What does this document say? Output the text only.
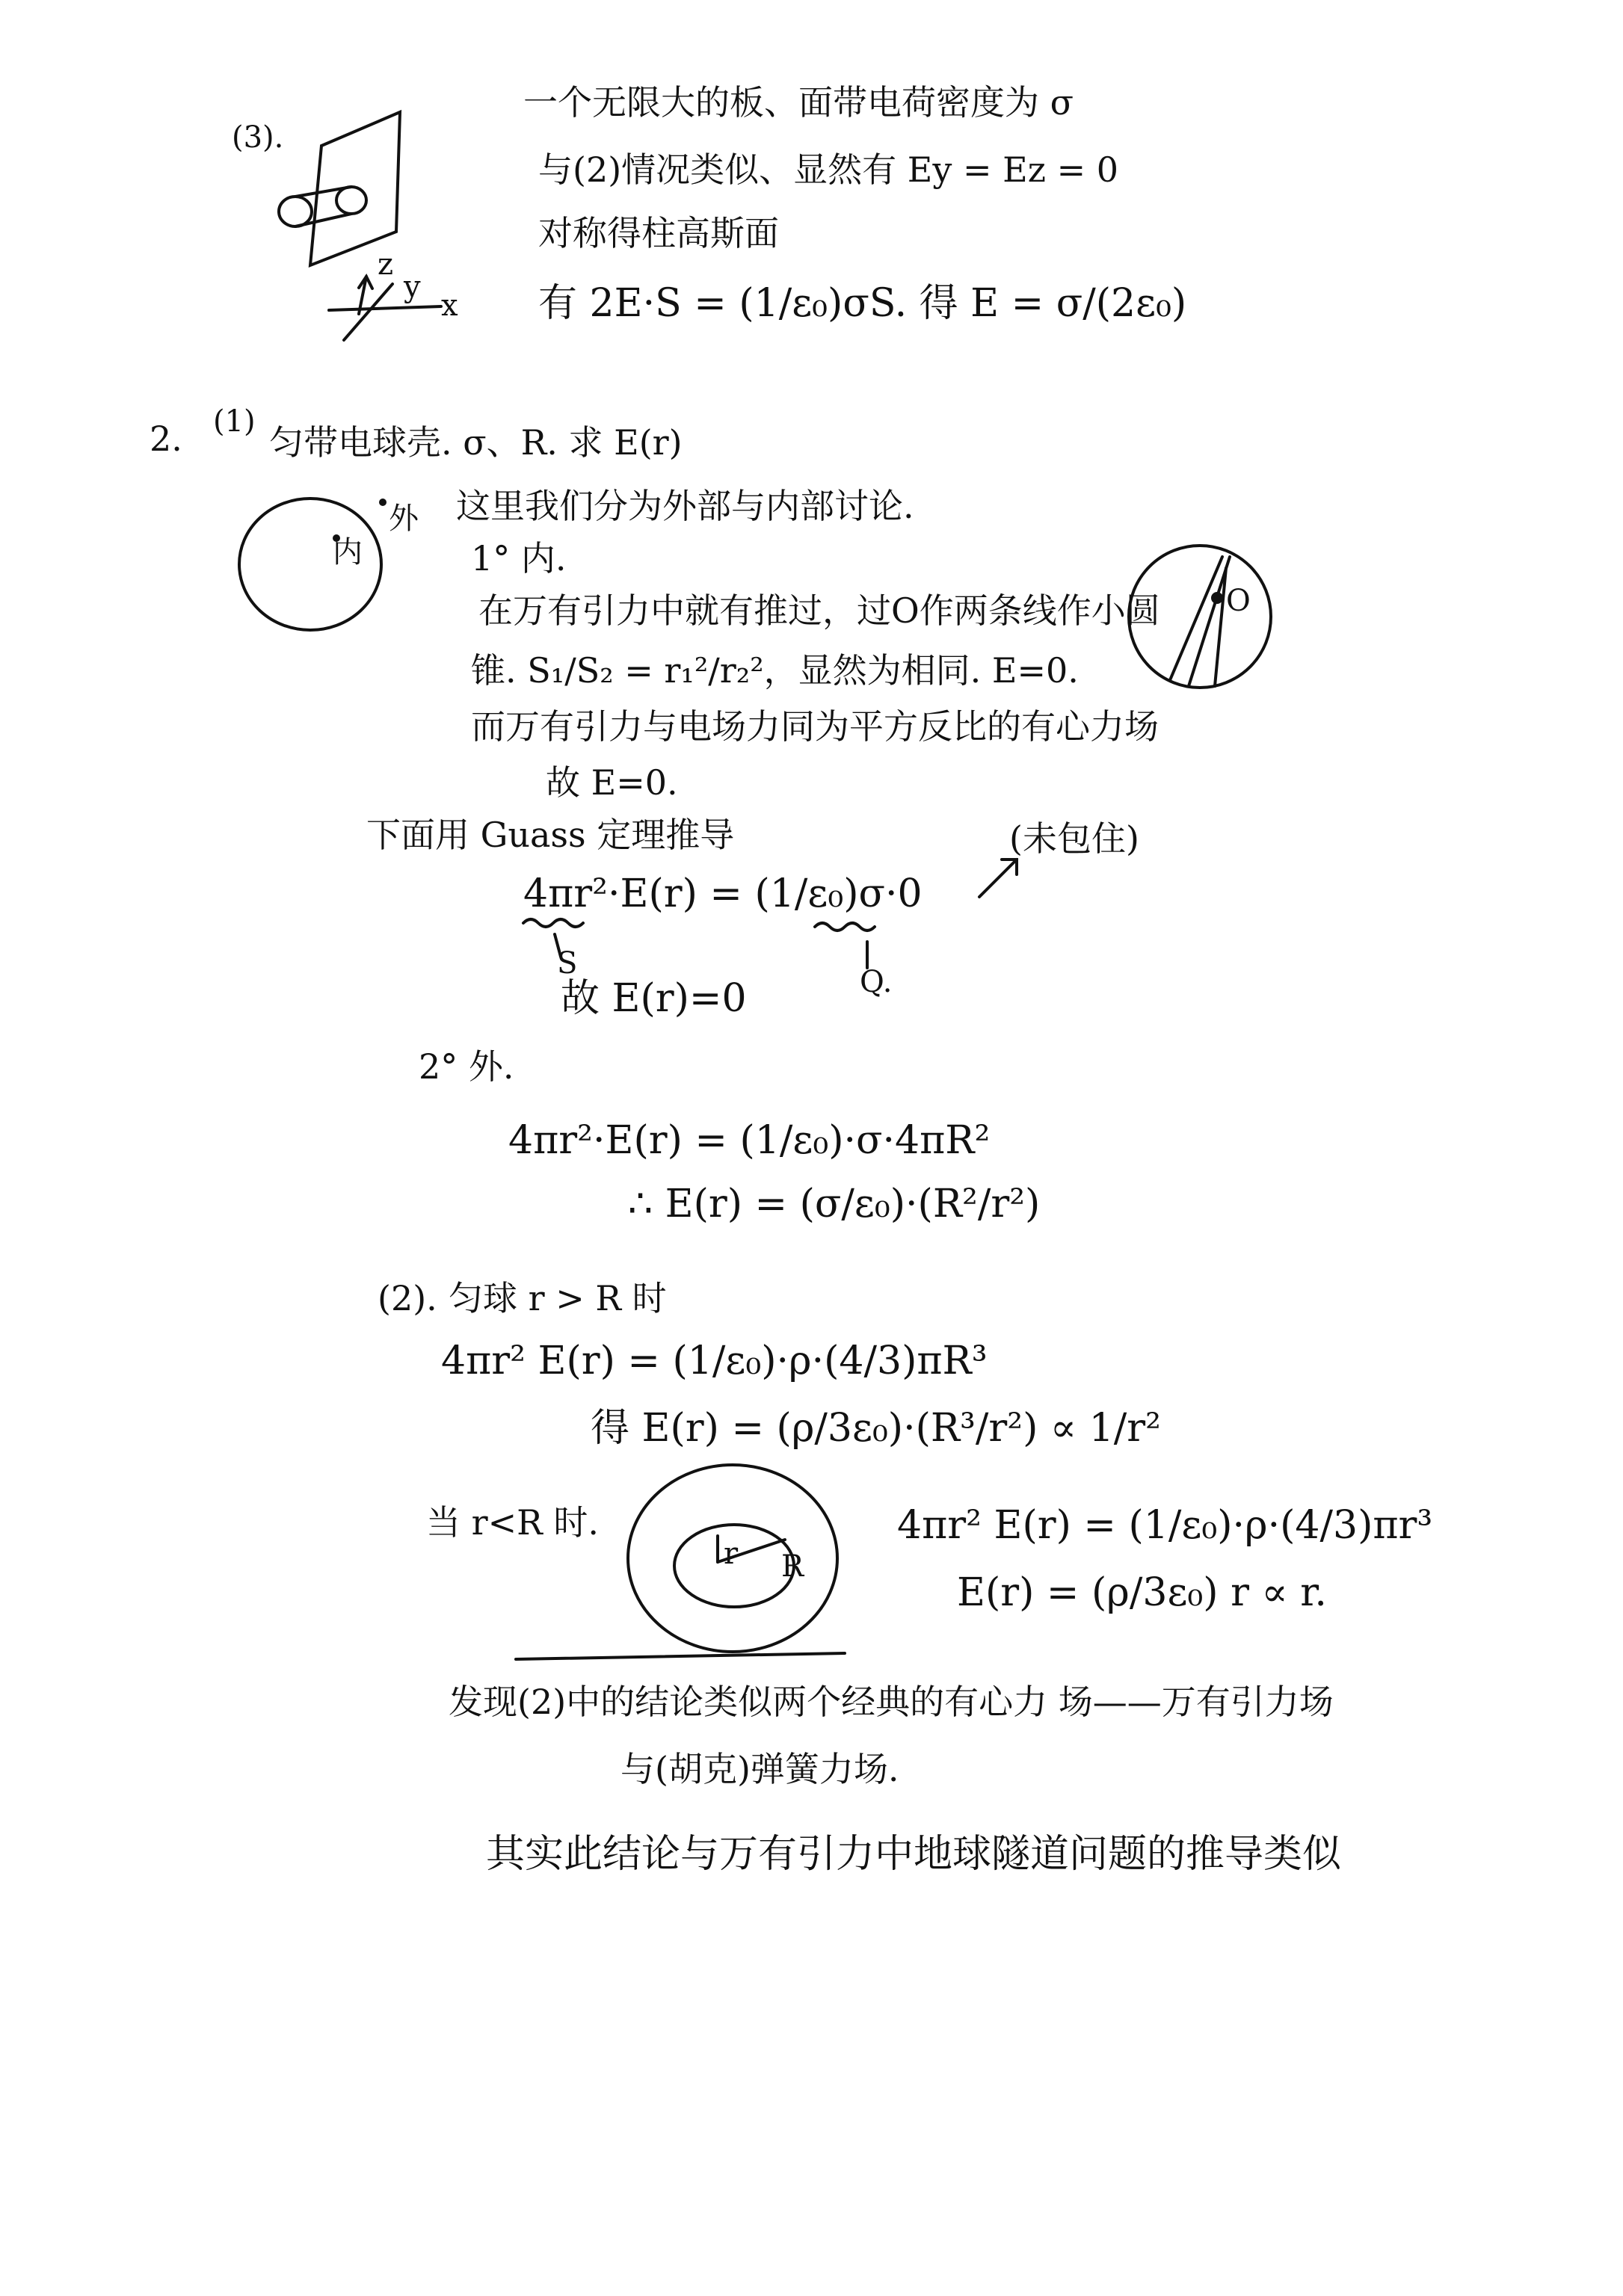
(3).
一个无限大的板、面带电荷密度为 σ
与(2)情况类似、显然有 Ey = Ez = 0
对称得柱高斯面
有 2E·S = (1/ε₀)σS. 得 E = σ/(2ε₀)
z
y
x
2. (1)
匀带电球壳. σ、R. 求 E(r)
外
内
这里我们分为外部与内部讨论.
1° 内.
在万有引力中就有推过，过O作两条线作小圆
锥. S₁/S₂ = r₁²/r₂²，显然为相同. E=0.
而万有引力与电场力同为平方反比的有心力场
故 E=0.
O
下面用 Guass 定理推导	(未包住)
4πr²·E(r) = (1/ε₀)σ·0
S
Q.
故 E(r)=0
2° 外.
4πr²·E(r) = (1/ε₀)·σ·4πR²
∴ E(r) = (σ/ε₀)·(R²/r²)
(2). 匀球 r > R 时
4πr² E(r) = (1/ε₀)·ρ·(4/3)πR³
得 E(r) = (ρ/3ε₀)·(R³/r²) ∝ 1/r²
当 r<R 时.
r R
4πr² E(r) = (1/ε₀)·ρ·(4/3)πr³
E(r) = (ρ/3ε₀) r ∝ r.
发现(2)中的结论类似两个经典的有心力 场——万有引力场
与(胡克)弹簧力场.
其实此结论与万有引力中地球隧道问题的推导类似
